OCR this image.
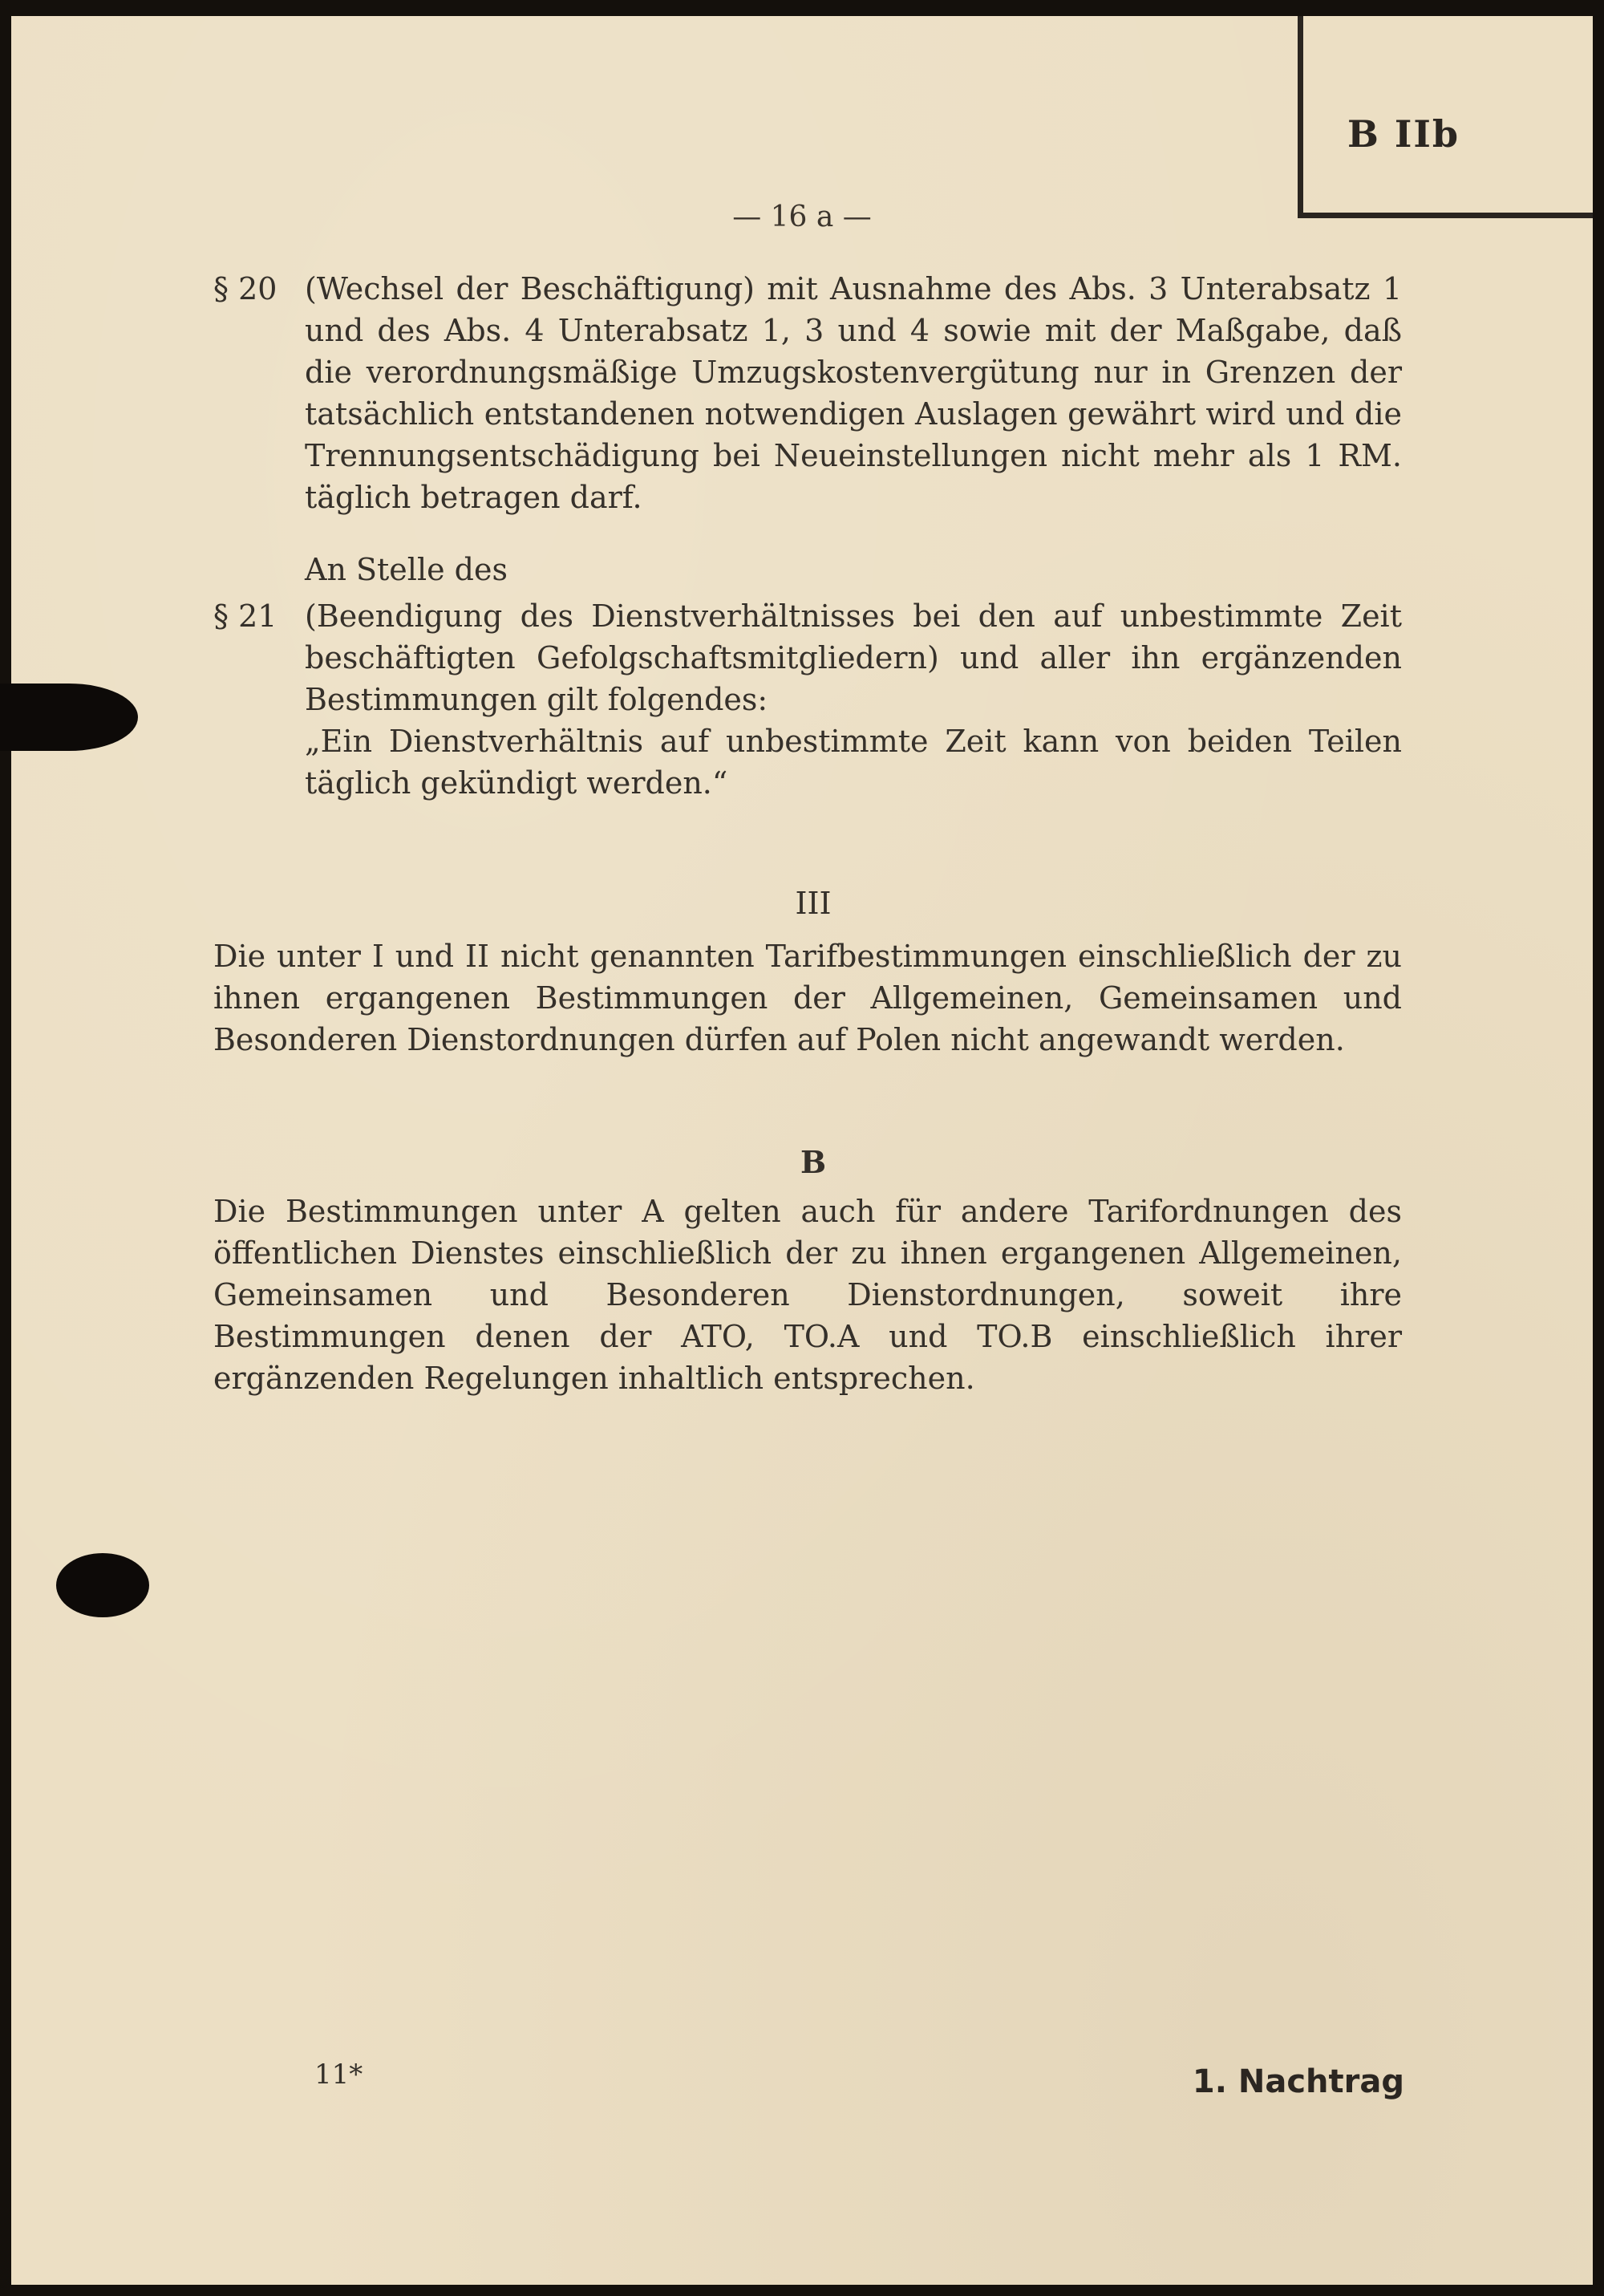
B IIb
— 16 a —
§ 20 (Wechsel der Beschäftigung) mit Ausnahme des Abs. 3 Unterabsatz 1 und des Abs. 4 Unterabsatz 1, 3 und 4 sowie mit der Maßgabe, daß die verordnungsmäßige Umzugskostenvergütung nur in Grenzen der tatsächlich entstandenen notwendigen Auslagen gewährt wird und die Trennungsentschädigung bei Neueinstellungen nicht mehr als 1 RM. täglich betragen darf.
An Stelle des
§ 21 (Beendigung des Dienstverhältnisses bei den auf unbestimmte Zeit beschäftigten Gefolgschaftsmitgliedern) und aller ihn ergänzenden Bestimmungen gilt folgendes:
„Ein Dienstverhältnis auf unbestimmte Zeit kann von beiden Teilen täglich gekündigt werden.“
III
Die unter I und II nicht genannten Tarifbestimmungen einschließlich der zu ihnen ergangenen Bestimmungen der Allgemeinen, Gemeinsamen und Besonderen Dienstordnungen dürfen auf Polen nicht angewandt werden.
B
Die Bestimmungen unter A gelten auch für andere Tarifordnungen des öffentlichen Dienstes einschließlich der zu ihnen ergangenen Allgemeinen, Gemeinsamen und Besonderen Dienstordnungen, soweit ihre Bestimmungen denen der ATO, TO.A und TO.B einschließlich ihrer ergänzenden Regelungen inhaltlich entsprechen.
11*	1. Nachtrag
